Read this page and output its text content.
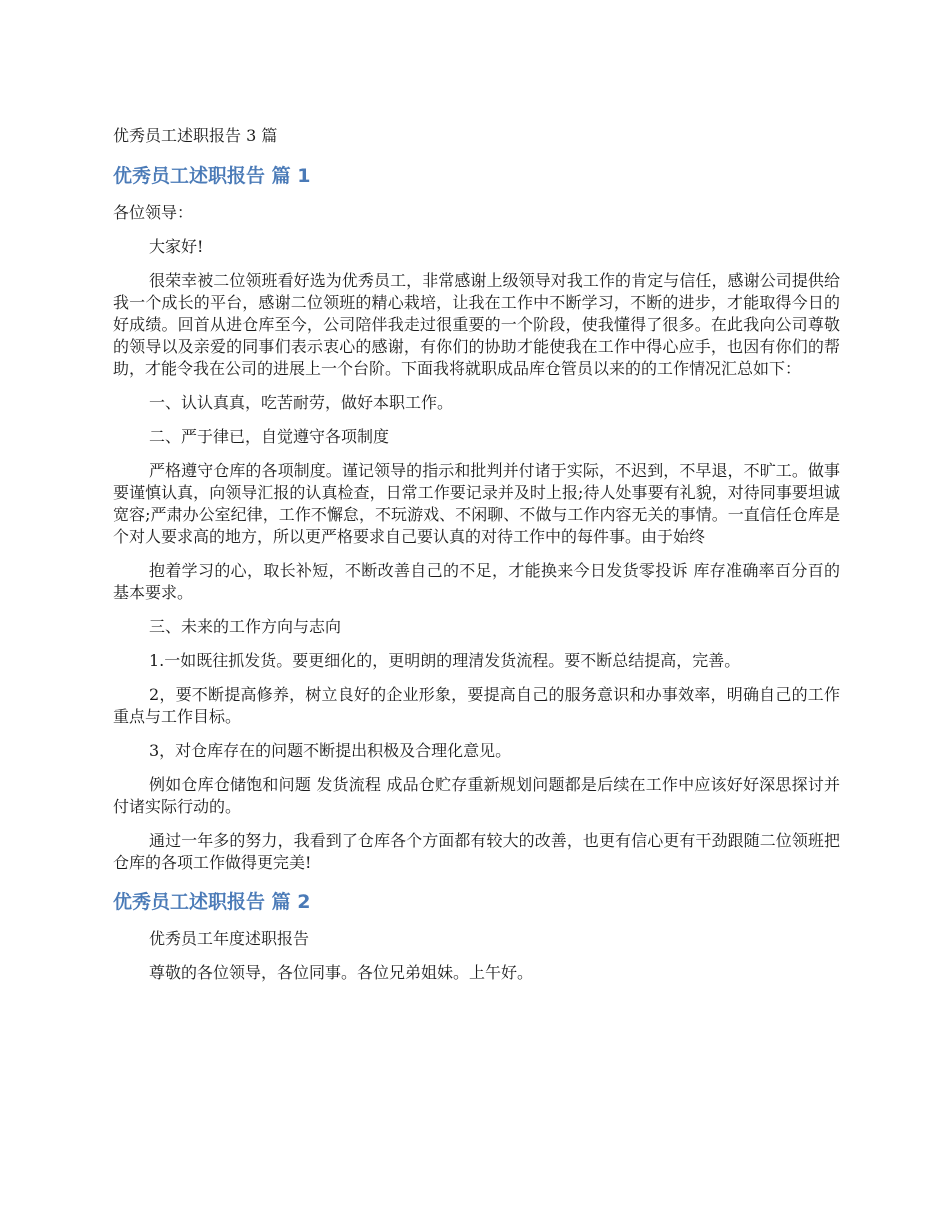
优秀员工述职报告 3 篇
优秀员工述职报告 篇 1

各位领导：

大家好!

很荣幸被二位领班看好选为优秀员工，非常感谢上级领导对我工作的肯定与信任，感谢公司提供给我一个成长的平台，感谢二位领班的精心栽培，让我在工作中不断学习，不断的进步，才能取得今日的好成绩。回首从进仓库至今，公司陪伴我走过很重要的一个阶段，使我懂得了很多。在此我向公司尊敬的领导以及亲爱的同事们表示衷心的感谢，有你们的协助才能使我在工作中得心应手，也因有你们的帮助，才能令我在公司的进展上一个台阶。下面我将就职成品库仓管员以来的的工作情况汇总如下：

一、认认真真，吃苦耐劳，做好本职工作。

二、严于律已，自觉遵守各项制度

严格遵守仓库的各项制度。谨记领导的指示和批判并付诸于实际，不迟到，不早退，不旷工。做事要谨慎认真，向领导汇报的认真检查，日常工作要记录并及时上报;待人处事要有礼貌，对待同事要坦诚宽容;严肃办公室纪律，工作不懈怠，不玩游戏、不闲聊、不做与工作内容无关的事情。一直信任仓库是个对人要求高的地方，所以更严格要求自己要认真的对待工作中的每件事。由于始终

抱着学习的心，取长补短，不断改善自己的不足，才能换来今日发货零投诉 库存准确率百分百的基本要求。

三、未来的工作方向与志向

1.一如既往抓发货。要更细化的，更明朗的理清发货流程。要不断总结提高，完善。

2，要不断提高修养，树立良好的企业形象，要提高自己的服务意识和办事效率，明确自己的工作重点与工作目标。

3，对仓库存在的问题不断提出积极及合理化意见。

例如仓库仓储饱和问题 发货流程 成品仓贮存重新规划问题都是后续在工作中应该好好深思探讨并付诸实际行动的。

通过一年多的努力，我看到了仓库各个方面都有较大的改善，也更有信心更有干劲跟随二位领班把仓库的各项工作做得更完美!

优秀员工述职报告 篇 2

优秀员工年度述职报告

尊敬的各位领导，各位同事。各位兄弟姐妹。上午好。
